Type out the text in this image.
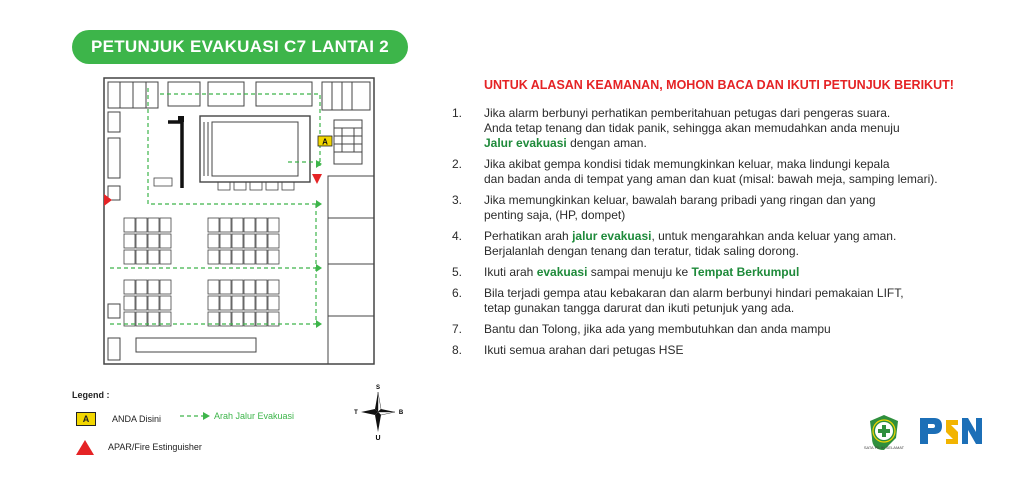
PETUNJUK EVAKUASI C7 LANTAI 2
A
UNTUK ALASAN KEAMANAN, MOHON BACA DAN IKUTI PETUNJUK BERIKUT!
1. Jika alarm berbunyi perhatikan pemberitahuan petugas dari pengeras suara.
Anda tetap tenang dan tidak panik, sehingga akan memudahkan anda menuju
Jalur evakuasi dengan aman.
2. Jika akibat gempa kondisi tidak memungkinkan keluar, maka lindungi kepala
dan badan anda di tempat yang aman dan kuat (misal: bawah meja, samping lemari).
3. Jika memungkinkan keluar, bawalah barang pribadi yang ringan dan yang
penting saja, (HP, dompet)
4. Perhatikan arah jalur evakuasi, untuk mengarahkan anda keluar yang aman.
Berjalanlah dengan tenang dan teratur, tidak saling dorong.
5. Ikuti arah evakuasi sampai menuju ke Tempat Berkumpul
6. Bila terjadi gempa atau kebakaran dan alarm berbunyi hindari pemakaian LIFT,
tetap gunakan tangga darurat dan ikuti petunjuk yang ada.
7. Bantu dan Tolong, jika ada yang membutuhkan dan anda mampu
8. Ikuti semua arahan dari petugas HSE
Legend :
A	ANDA Disini	Arah Jalur Evakuasi
APAR/Fire Estinguisher
S
U
T	B
SATA PILIH SELAMAT
